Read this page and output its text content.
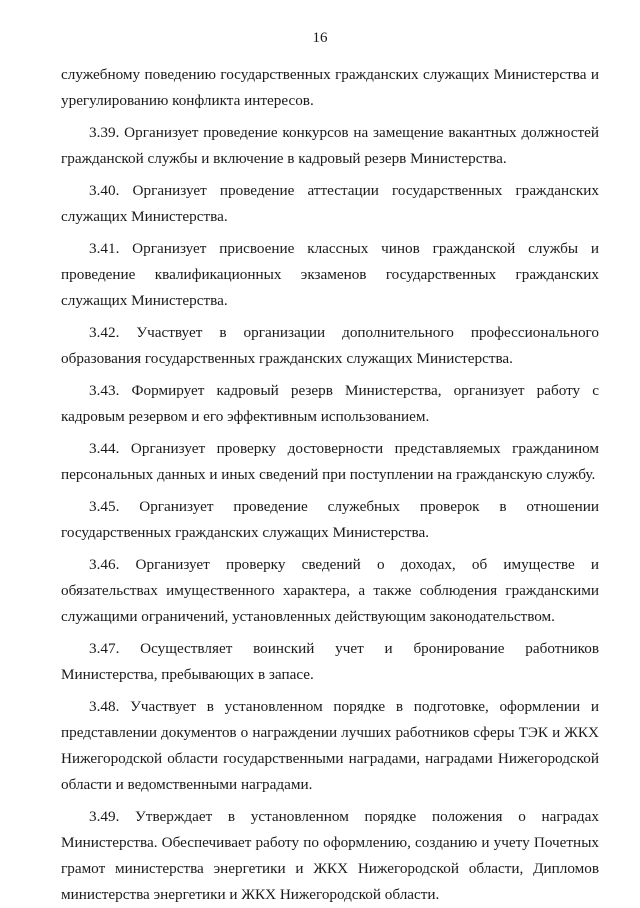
16
служебному поведению государственных гражданских служащих Министерства и
урегулированию конфликта интересов.
3.39. Организует проведение конкурсов на замещение вакантных должностей
гражданской службы и включение в кадровый резерв Министерства.
3.40. Организует проведение аттестации государственных гражданских
служащих Министерства.
3.41. Организует присвоение классных чинов гражданской службы и
проведение квалификационных экзаменов государственных гражданских
служащих Министерства.
3.42. Участвует в организации дополнительного профессионального
образования государственных гражданских служащих Министерства.
3.43. Формирует кадровый резерв Министерства, организует работу с
кадровым резервом и его эффективным использованием.
3.44. Организует проверку достоверности представляемых гражданином
персональных данных и иных сведений при поступлении на гражданскую службу.
3.45. Организует проведение служебных проверок в отношении
государственных гражданских служащих Министерства.
3.46. Организует проверку сведений о доходах, об имуществе и
обязательствах имущественного характера, а также соблюдения гражданскими
служащими ограничений, установленных действующим законодательством.
3.47. Осуществляет воинский учет и бронирование работников
Министерства, пребывающих в запасе.
3.48. Участвует в установленном порядке в подготовке, оформлении и
представлении документов о награждении лучших работников сферы ТЭК и ЖКХ
Нижегородской области государственными наградами, наградами Нижегородской
области и ведомственными наградами.
3.49. Утверждает в установленном порядке положения о наградах
Министерства. Обеспечивает работу по оформлению, созданию и учету Почетных
грамот министерства энергетики и ЖКХ Нижегородской области, Дипломов
министерства энергетики и ЖКХ Нижегородской области.
